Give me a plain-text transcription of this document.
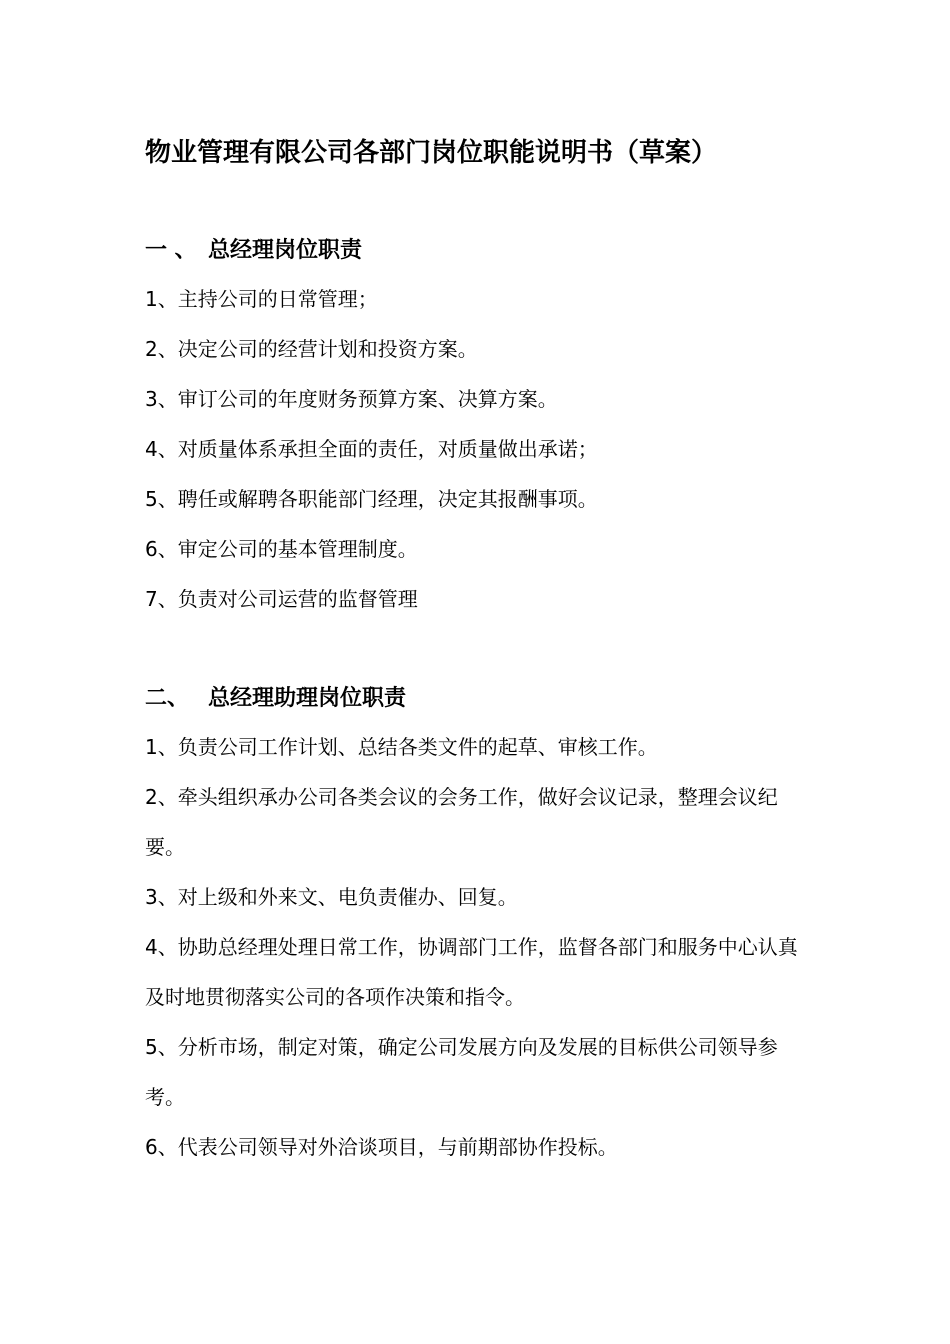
物业管理有限公司各部门岗位职能说明书（草案）
一 、 总经理岗位职责
1、主持公司的日常管理；
2、决定公司的经营计划和投资方案。
3、审订公司的年度财务预算方案、决算方案。
4、对质量体系承担全面的责任，对质量做出承诺；
5、聘任或解聘各职能部门经理，决定其报酬事项。
6、审定公司的基本管理制度。
7、负责对公司运营的监督管理
二、 总经理助理岗位职责
1、负责公司工作计划、总结各类文件的起草、审核工作。
2、牵头组织承办公司各类会议的会务工作，做好会议记录，整理会议纪要。
3、对上级和外来文、电负责催办、回复。
4、协助总经理处理日常工作，协调部门工作，监督各部门和服务中心认真及时地贯彻落实公司的各项作决策和指令。
5、分析市场，制定对策，确定公司发展方向及发展的目标供公司领导参考。
6、代表公司领导对外洽谈项目，与前期部协作投标。
